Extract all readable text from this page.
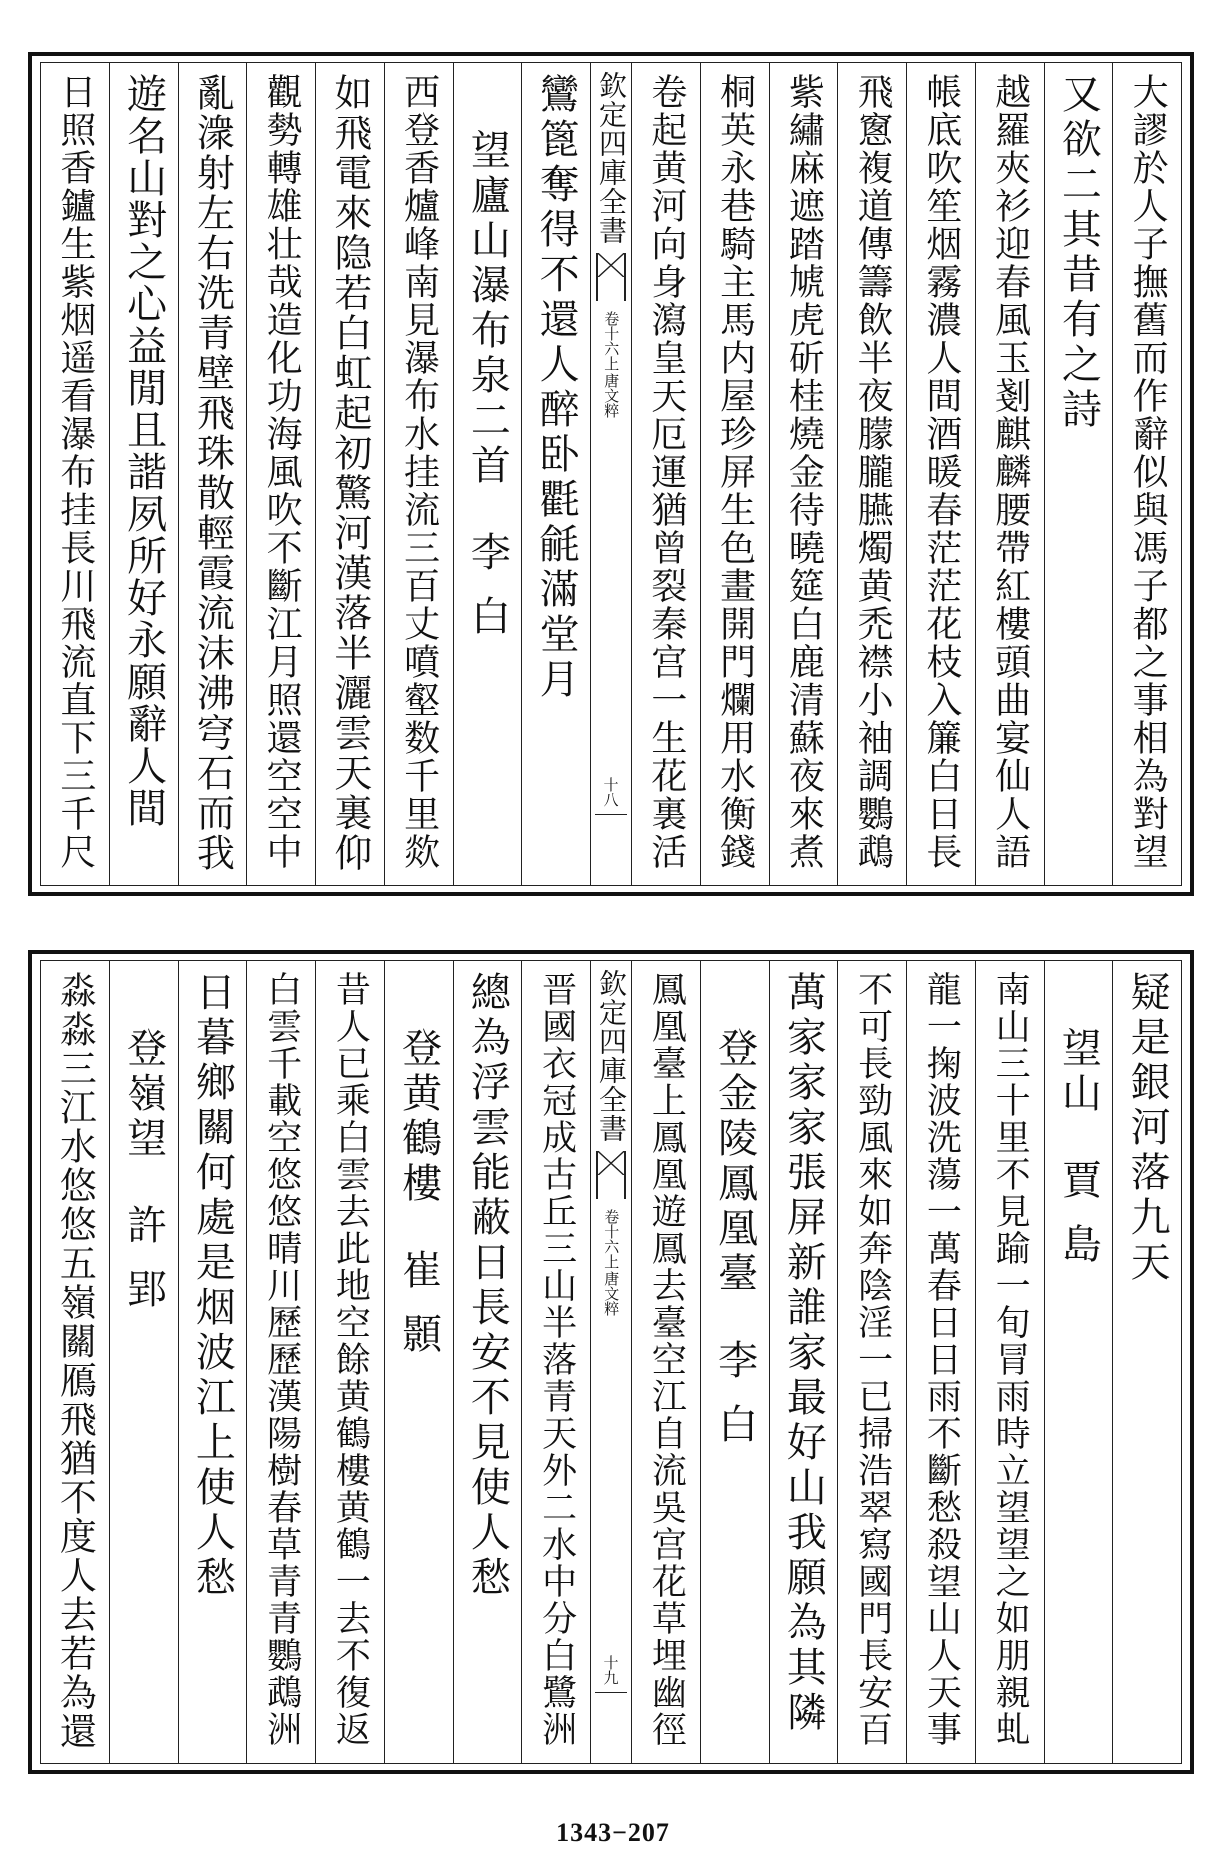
大謬於人子撫舊而作辭似與馮子都之事相為對望
又欲二其昔有之詩
越羅夾衫迎春風玉剗麒麟腰帶紅樓頭曲宴仙人語
帳底吹笙烟霧濃人間酒暖春茫茫花枝入簾白日長
飛窻複道傳籌飲半夜朦朧臙燭黄禿襟小袖調鸚鵡
紫繡麻遮踏虓虎斫桂燒金待曉筵白鹿清蘇夜來煮
桐英永巷騎主馬内屋珍屏生色畫開門爛用水衡錢
卷起黄河向身瀉皇天厄運猶曾裂秦宫一生花裏活
欽定四庫全書
唐文粹
卷十六上
十八
鸞篦奪得不還人醉卧氍毹滿堂月
望廬山瀑布泉二首
李白
西登香爐峰南見瀑布水挂流三百丈噴壑数千里欻
如飛電來隐若白虹起初驚河漢落半灑雲天裏仰
觀勢轉雄壮哉造化功海風吹不斷江月照還空空中
亂潨射左右洗青壁飛珠散輕霞流沫沸穹石而我
遊名山對之心益閒且諧夙所好永願辭人間
日照香鑪生紫烟遥看瀑布挂長川飛流直下三千尺
疑是銀河落九天
望山
賈島
南山三十里不見踰一旬冐雨時立望望之如朋親虬
龍一掬波洗蕩一萬春日日雨不斷愁殺望山人天事
不可長勁風來如奔陰淫一已掃浩翠寫國門長安百
萬家家家張屏新誰家最好山我願為其隣
登金陵鳳凰臺
李白
鳳凰臺上鳳凰遊鳳去臺空江自流吳宫花草埋幽徑
欽定四庫全書
唐文粹
卷十六上
十九
晋國衣冠成古丘三山半落青天外二水中分白鷺洲
總為浮雲能蔽日長安不見使人愁
登黄鶴樓
崔顥
昔人已乘白雲去此地空餘黄鶴樓黄鶴一去不復返
白雲千載空悠悠晴川歷歷漢陽樹春草青青鸚鵡洲
日暮鄉關何處是烟波江上使人愁
登嶺望
許郢
淼淼三江水悠悠五嶺關鴈飛猶不度人去若為還
1343−207
